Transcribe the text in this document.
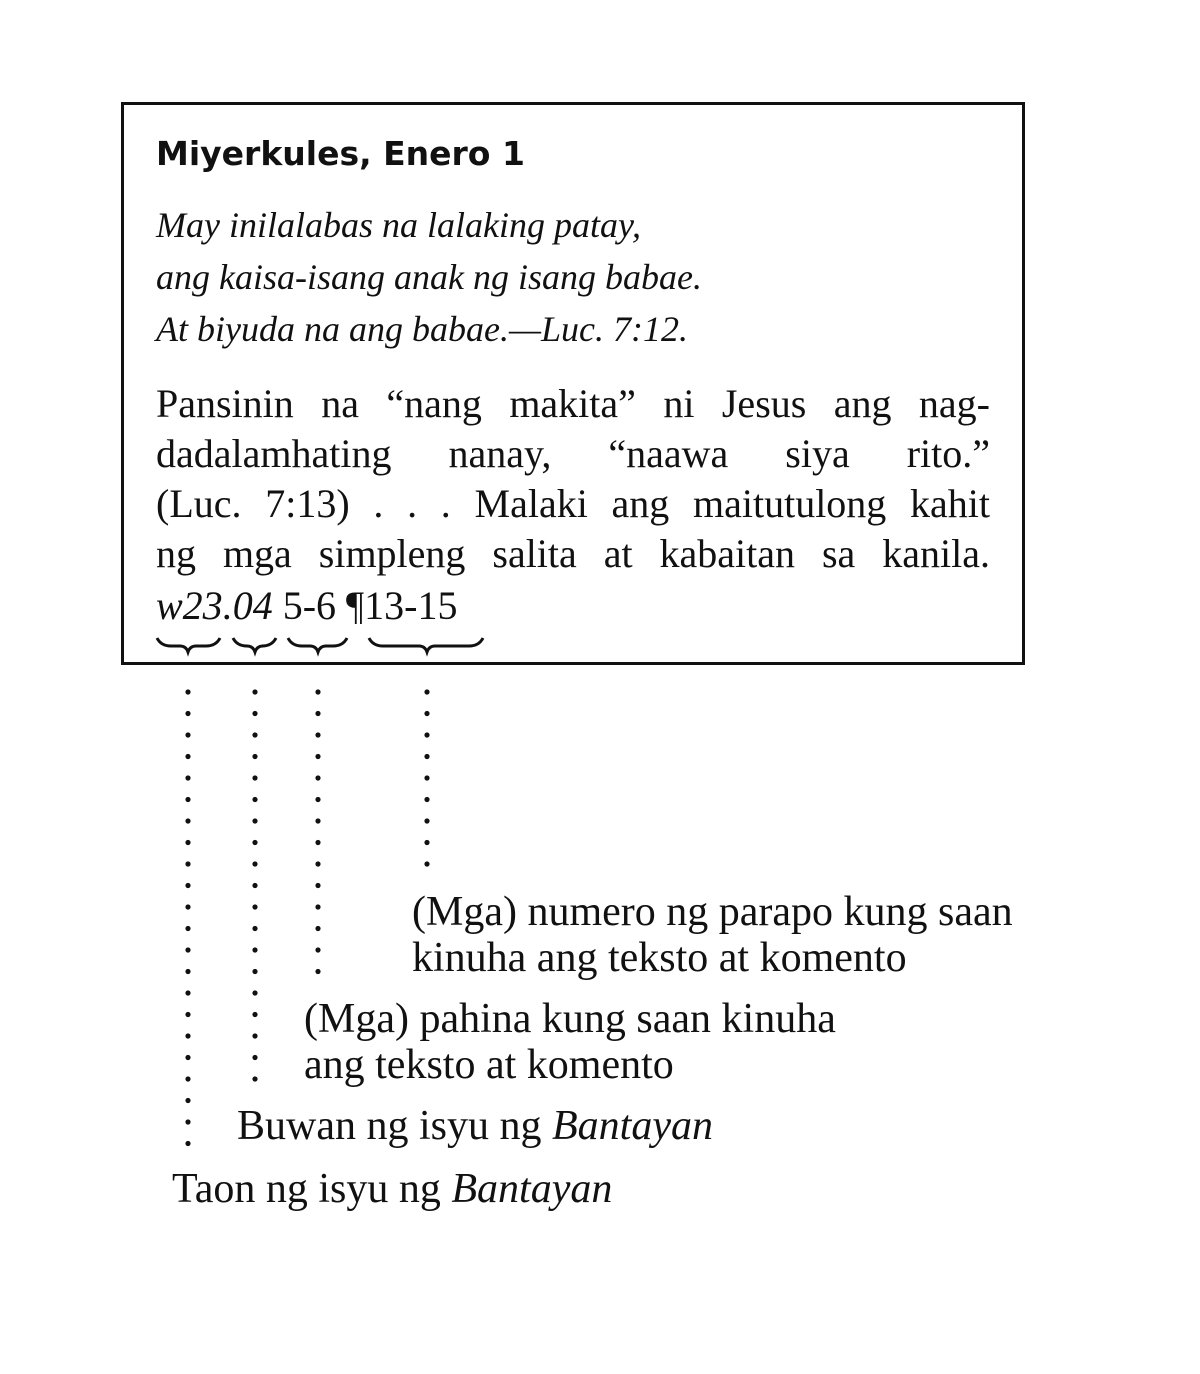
Miyerkules, Enero 1
May inilalabas na lalaking patay,
ang kaisa-isang anak ng isang babae.
At biyuda na ang babae.—Luc. 7:12.
Pansinin na “nang makita” ni Jesus ang nag-
dadalamhating nanay, “naawa siya rito.”
(Luc. 7:13) . . . Malaki ang maitutulong kahit
ng mga simpleng salita at kabaitan sa kanila.
w23.04 5-6 ¶13-15
(Mga) numero ng parapo kung saan
kinuha ang teksto at komento
(Mga) pahina kung saan kinuha
ang teksto at komento
Buwan ng isyu ng Bantayan
Taon ng isyu ng Bantayan
